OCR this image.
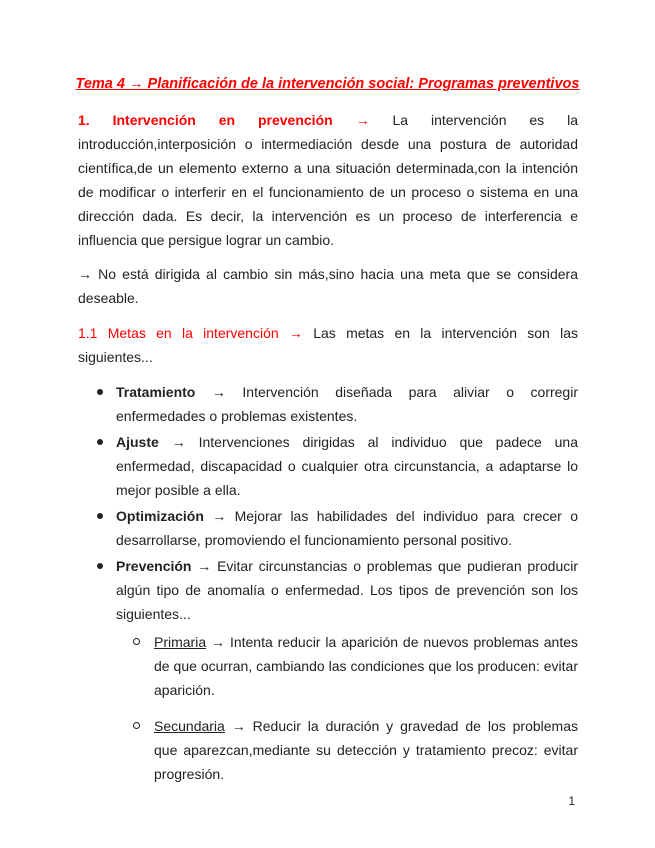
Tema 4 → Planificación de la intervención social: Programas preventivos

1. Intervención en prevención → La intervención es la introducción,interposición o intermediación desde una postura de autoridad científica,de un elemento externo a una situación determinada,con la intención de modificar o interferir en el funcionamiento de un proceso o sistema en una dirección dada. Es decir, la intervención es un proceso de interferencia e influencia que persigue lograr un cambio.

→ No está dirigida al cambio sin más,sino hacia una meta que se considera deseable.

1.1 Metas en la intervención → Las metas en la intervención son las siguientes...

Tratamiento → Intervención diseñada para aliviar o corregir enfermedades o problemas existentes.
Ajuste → Intervenciones dirigidas al individuo que padece una enfermedad, discapacidad o cualquier otra circunstancia, a adaptarse lo mejor posible a ella.
Optimización → Mejorar las habilidades del individuo para crecer o desarrollarse, promoviendo el funcionamiento personal positivo.
Prevención → Evitar circunstancias o problemas que pudieran producir algún tipo de anomalía o enfermedad. Los tipos de prevención son los siguientes...
Primaria → Intenta reducir la aparición de nuevos problemas antes de que ocurran, cambiando las condiciones que los producen: evitar aparición.
Secundaria → Reducir la duración y gravedad de los problemas que aparezcan,mediante su detección y tratamiento precoz: evitar progresión.
1
